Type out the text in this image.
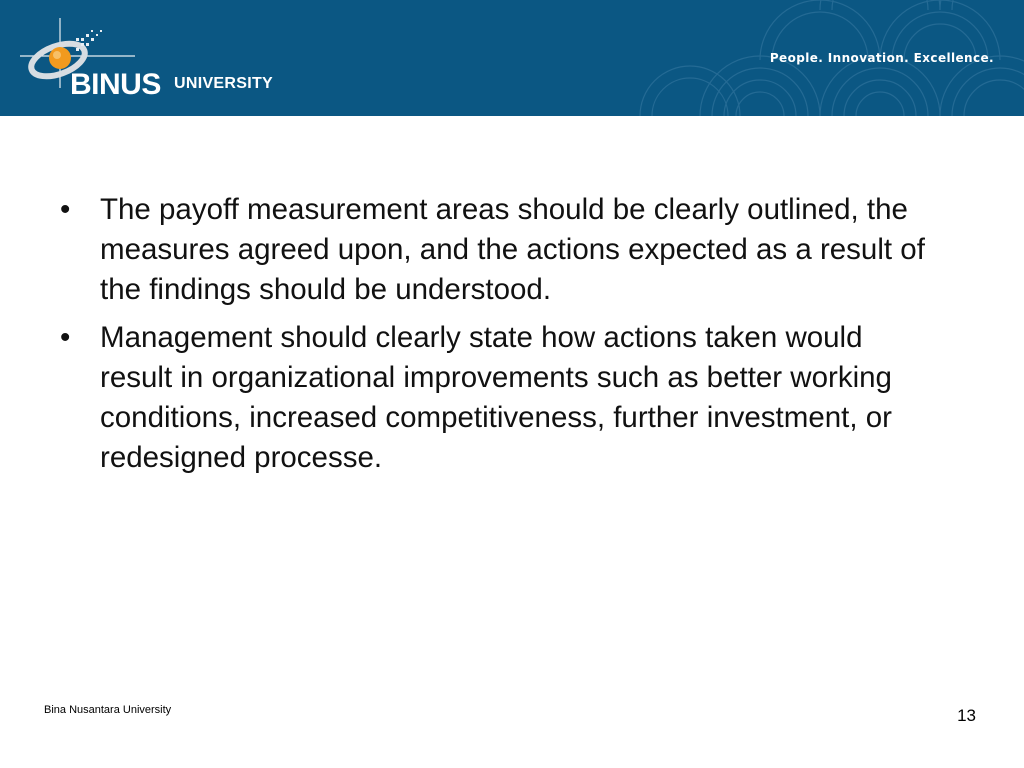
BINUS UNIVERSITY
People. Innovation. Excellence.
• The payoff measurement areas should be clearly outlined, the measures agreed upon, and the actions expected as a result of the findings should be understood.
• Management should clearly state how actions taken would result in organizational improvements such as better working conditions, increased competitiveness, further investment, or redesigned processe.
Bina Nusantara University	13
